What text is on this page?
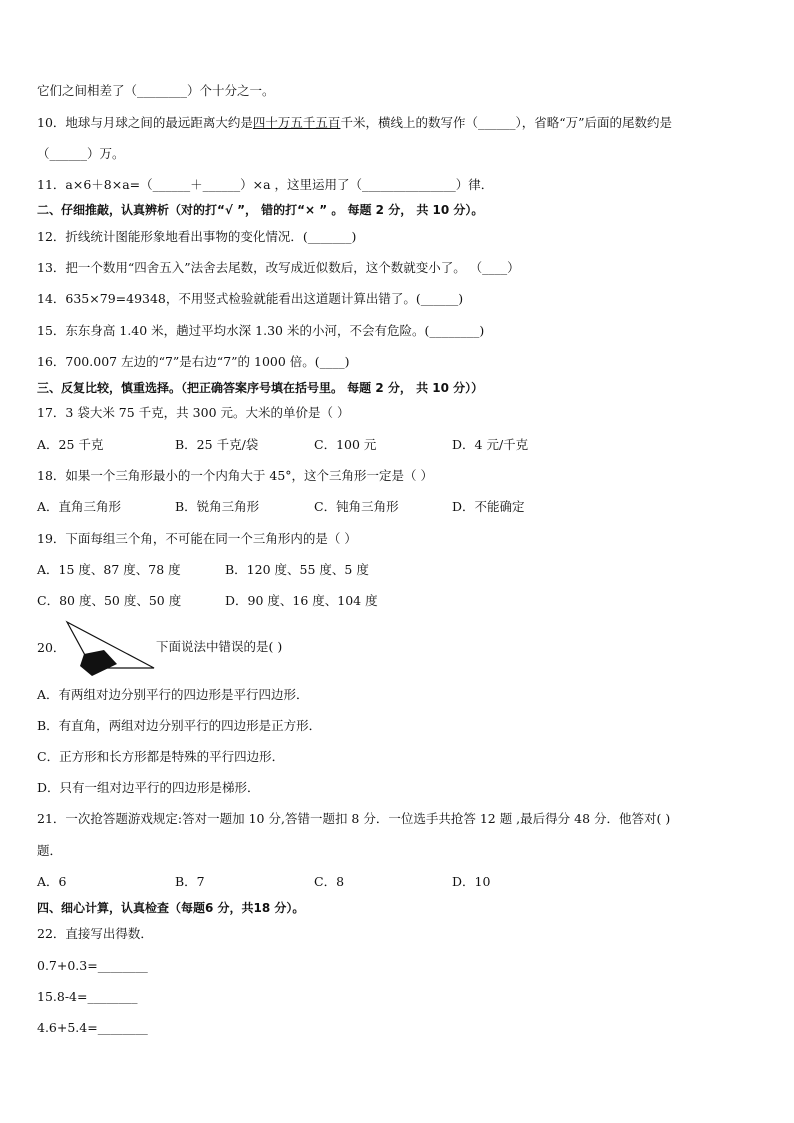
它们之间相差了（________）个十分之一。
10．地球与月球之间的最远距离大约是四十万五千五百千米，横线上的数写作（______），省略“万”后面的尾数约是
（______）万。
11．a×6＋8×a=（______＋______）×a ，这里运用了（_______________）律．
二、仔细推敲，认真辨析（对的打“√ ”， 错的打“× ” 。 每题 2 分， 共 10 分）。
12．折线统计图能形象地看出事物的变化情况．(_______)
13．把一个数用“四舍五入”法舍去尾数，改写成近似数后，这个数就变小了。 （____）
14．635×79=49348，不用竖式检验就能看出这道题计算出错了。(______)
15．东东身高 1.40 米，趟过平均水深 1.30 米的小河，不会有危险。(________)
16．700.007 左边的“7”是右边“7”的 1000 倍。(____)
三、反复比较，慎重选择。（把正确答案序号填在括号里。 每题 2 分， 共 10 分））
17．3 袋大米 75 千克，共 300 元。大米的单价是（ ）
A．25 千克	B．25 千克/袋	C．100 元	D．4 元/千克
18．如果一个三角形最小的一个内角大于 45°，这个三角形一定是（ ）
A．直角三角形	B．锐角三角形	C．钝角三角形	D．不能确定
19．下面每组三个角，不可能在同一个三角形内的是（ ）
A．15 度、87 度、78 度	B．120 度、55 度、5 度
C．80 度、50 度、50 度	D．90 度、16 度、104 度
20．	下面说法中错误的是( )
A．有两组对边分别平行的四边形是平行四边形．
B．有直角，两组对边分别平行的四边形是正方形．
C．正方形和长方形都是特殊的平行四边形．
D．只有一组对边平行的四边形是梯形．
21．一次抢答题游戏规定:答对一题加 10 分,答错一题扣 8 分．一位选手共抢答 12 题 ,最后得分 48 分．他答对( )
题．
A．6	B．7	C．8	D．10
四、细心计算，认真检查（每题6 分，共18 分）。
22．直接写出得数．
0.7+0.3=________
15.8-4=________
4.6+5.4=________
